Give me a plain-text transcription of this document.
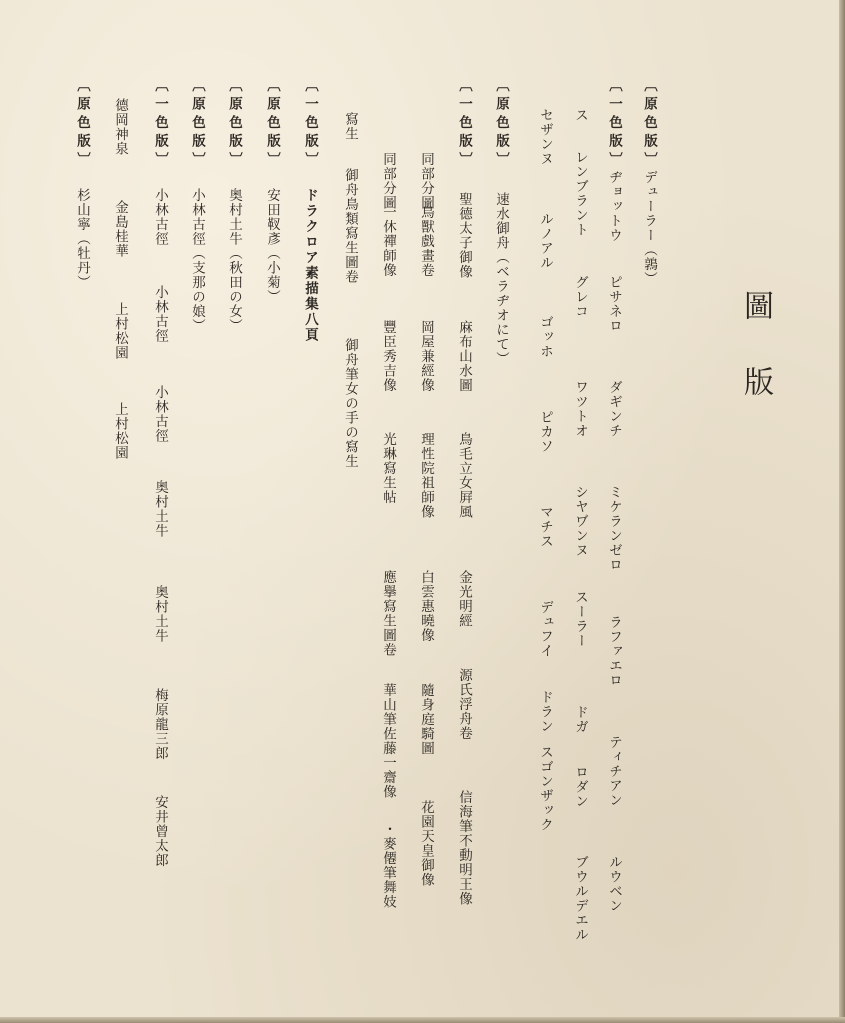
圖版
〔原色版〕
デューラー（鶉）
〔一色版〕
ヂョットウ
ピサネロ
ダギンチ
ミケランゼロ
ラファエロ
ティチアン
ルウベン
ス
レンブラント
グレコ
ワツトオ
シヤヷンヌ
スーラー
ドガ
ロダン
ブウルデエル
セザンヌ
ルノアル
ゴッホ
ピカソ
マチス
デュフイ
ドラン
スゴンザック
〔原色版〕
速水御舟（ベラヂオにて）
〔一色版〕
聖德太子御像
麻布山水圖
鳥毛立女屛風
金光明經
源氏浮舟卷
信海筆不動明王像
同部分圖
鳥獸戲畫卷
岡屋兼經像
理性院祖師像
白雲惠曉像
隨身庭騎圖
花園天皇御像
同部分圖
一休禪師像
豐臣秀吉像
光琳寫生帖
應擧寫生圖卷
華山筆佐藤一齋像
・麥僊筆舞妓
寫生
御舟鳥類寫生圖卷
御舟筆女の手の寫生
〔一色版〕
ドラクロア素描集八頁
〔原色版〕
安田靫彥（小菊）
〔原色版〕
奥村土牛（秋田の女）
〔原色版〕
小林古徑（支那の娘）
〔一色版〕
小林古徑
小林古徑
小林古徑
奥村土牛
奥村土牛
梅原龍三郎
安井曾太郎
德岡神泉
金島桂華
上村松園
上村松園
〔原色版〕
杉山寧（牡丹）
